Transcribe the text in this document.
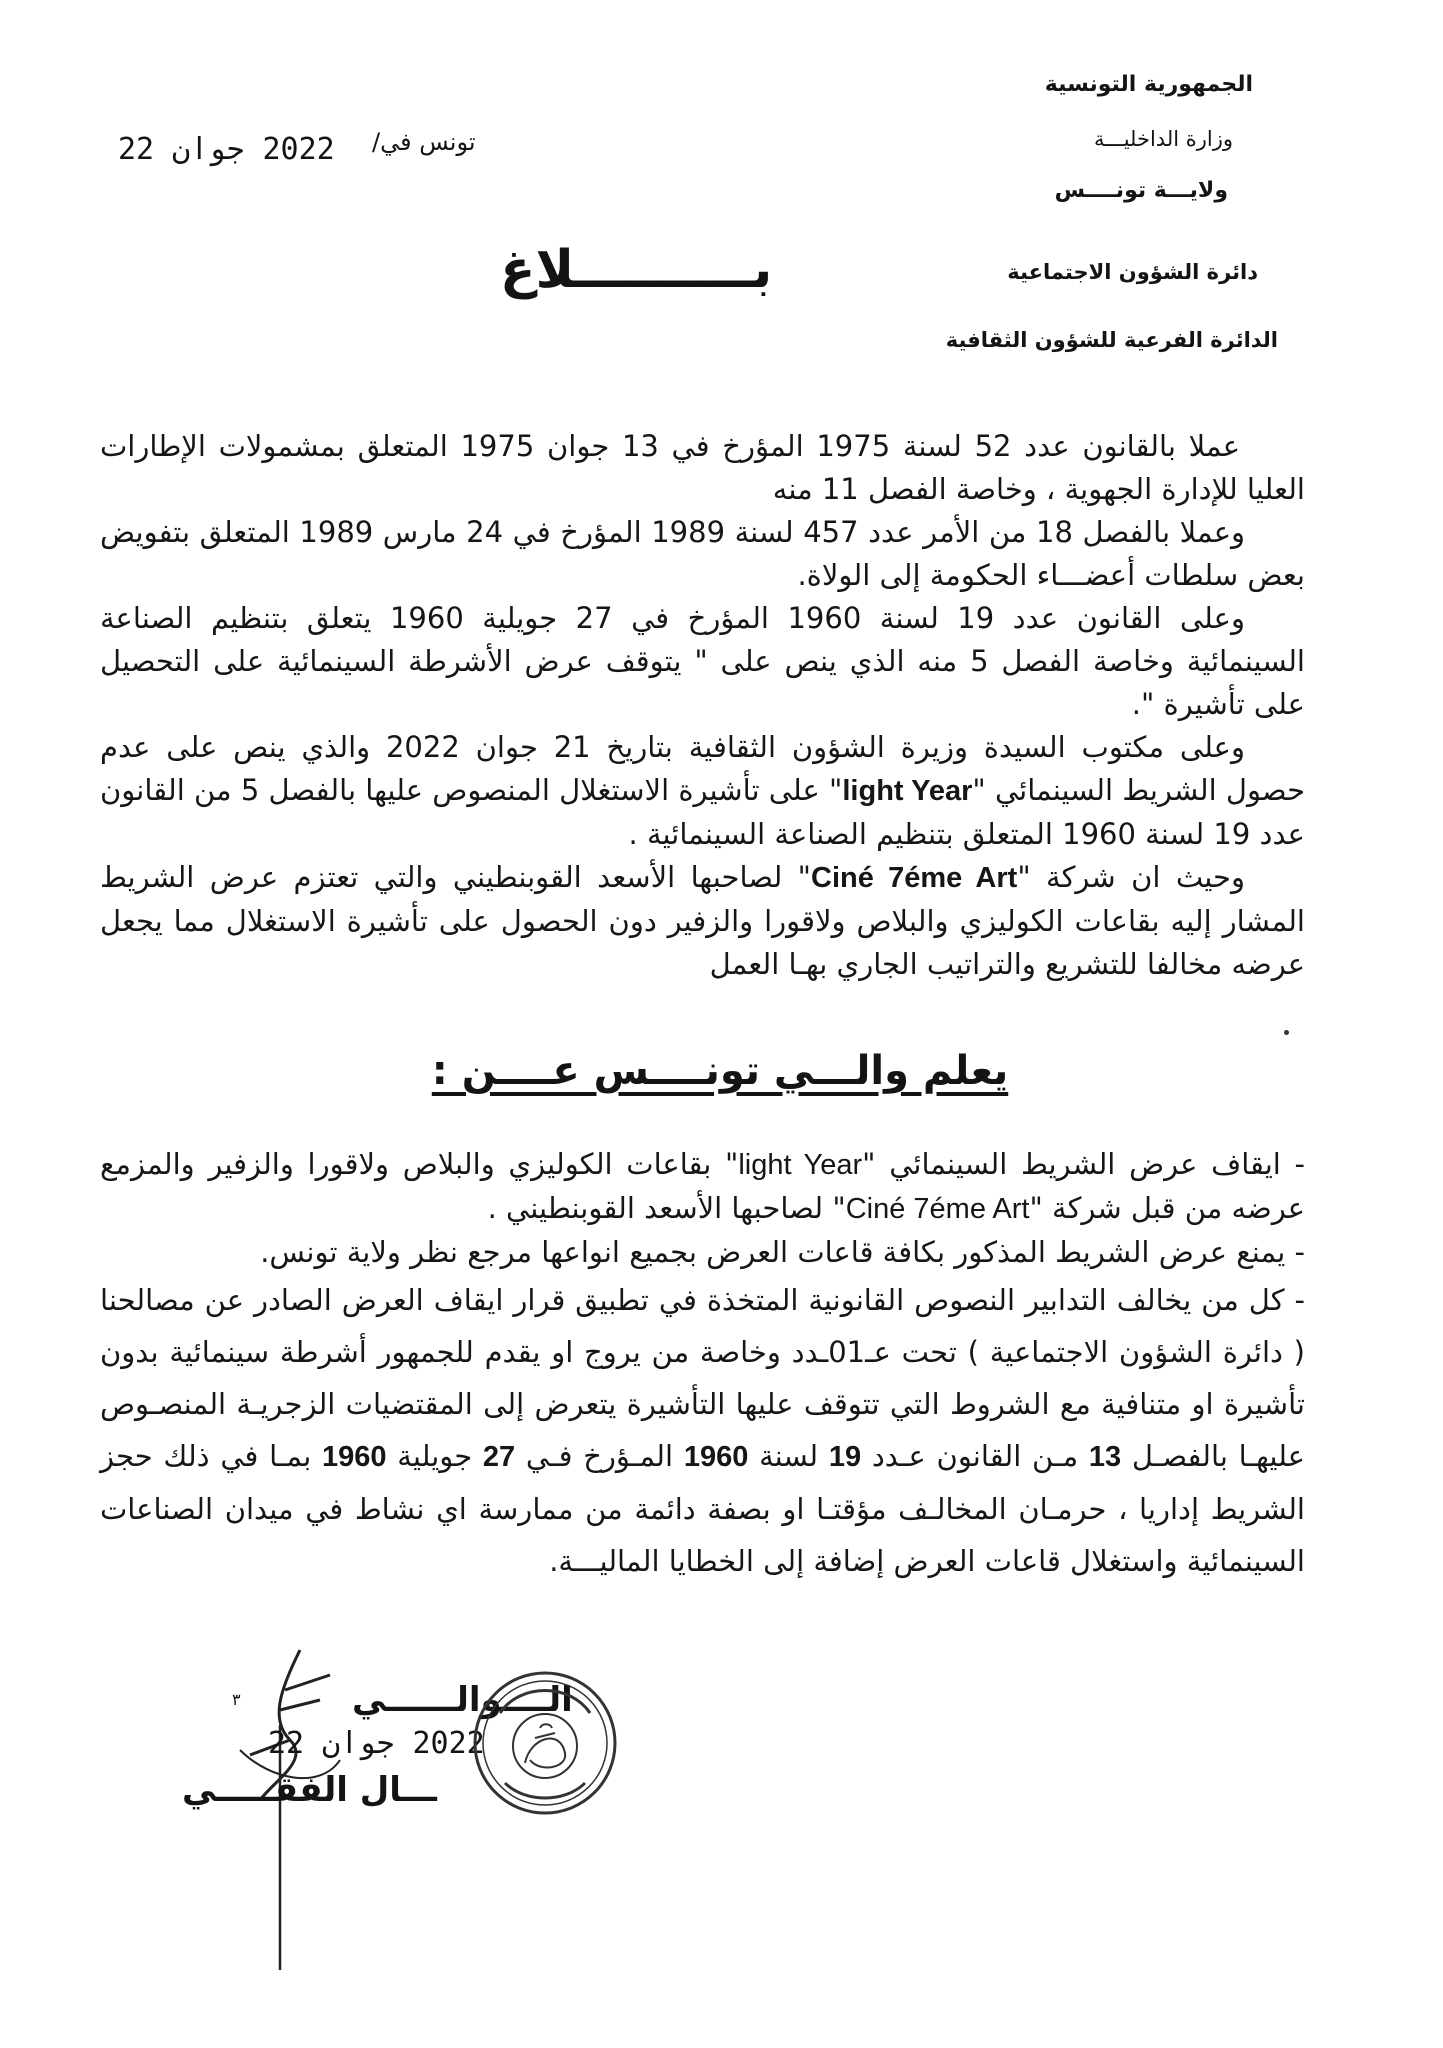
الجمهورية التونسية
وزارة الداخليـــة
ولايـــة تونــــس
دائرة الشؤون الاجتماعية
الدائرة الفرعية للشؤون الثقافية
تونس في/
2022 جوان 22
بــــــــــلاغ

عملا بالقانون عدد 52 لسنة 1975 المؤرخ في 13 جوان 1975 المتعلق بمشمولات الإطارات العليا للإدارة الجهوية ، وخاصة الفصل 11 منه

وعملا بالفصل 18 من الأمر عدد 457 لسنة 1989 المؤرخ في 24 مارس 1989 المتعلق بتفويض بعض سلطات أعضـــاء الحكومة إلى الولاة.

وعلى القانون عدد 19 لسنة 1960 المؤرخ في 27 جويلية 1960 يتعلق بتنظيم الصناعة السينمائية وخاصة الفصل 5 منه الذي ينص على " يتوقف عرض الأشرطة السينمائية على التحصيل على تأشيرة ".

وعلى مكتوب السيدة وزيرة الشؤون الثقافية بتاريخ 21 جوان 2022 والذي ينص على عدم حصول الشريط السينمائي "light Year" على تأشيرة الاستغلال المنصوص عليها بالفصل 5 من القانون عدد 19 لسنة 1960 المتعلق بتنظيم الصناعة السينمائية .

وحيث ان شركة "Ciné 7éme Art" لصاحبها الأسعد القوبنطيني والتي تعتزم عرض الشريط المشار إليه بقاعات الكوليزي والبلاص ولاقورا والزفير دون الحصول على تأشيرة الاستغلال مما يجعل عرضه مخالفا للتشريع والتراتيب الجاري بهـا العمل

يعلم والـــي تونــــس عــــن :

- ايقاف عرض الشريط السينمائي "light Year" بقاعات الكوليزي والبلاص ولاقورا والزفير والمزمع عرضه من قبل شركة "Ciné 7éme Art" لصاحبها الأسعد القوبنطيني .

- يمنع عرض الشريط المذكور بكافة قاعات العرض بجميع انواعها مرجع نظر ولاية تونس.

- كل من يخالف التدابير النصوص القانونية المتخذة في تطبيق قرار ايقاف العرض الصادر عن مصالحنا ( دائرة الشؤون الاجتماعية ) تحت عـ01ـدد وخاصة من يروج او يقدم للجمهور أشرطة سينمائية بدون تأشيرة او متنافية مع الشروط التي تتوقف عليها التأشيرة يتعرض إلى المقتضيات الزجريـة المنصـوص عليهـا بالفصـل 13 مـن القانون عـدد 19 لسنة 1960 المـؤرخ فـي 27 جويلية 1960 بمـا في ذلك حجز الشريط إداريا ، حرمـان المخالـف مؤقتـا او بصفة دائمة من ممارسة اي نشاط في ميدان الصناعات السينمائية واستغلال قاعات العرض إضافة إلى الخطايا الماليـــة.

٣	الــــوالــــــي
2022 جوان 22
ـــال الفقـــــي
